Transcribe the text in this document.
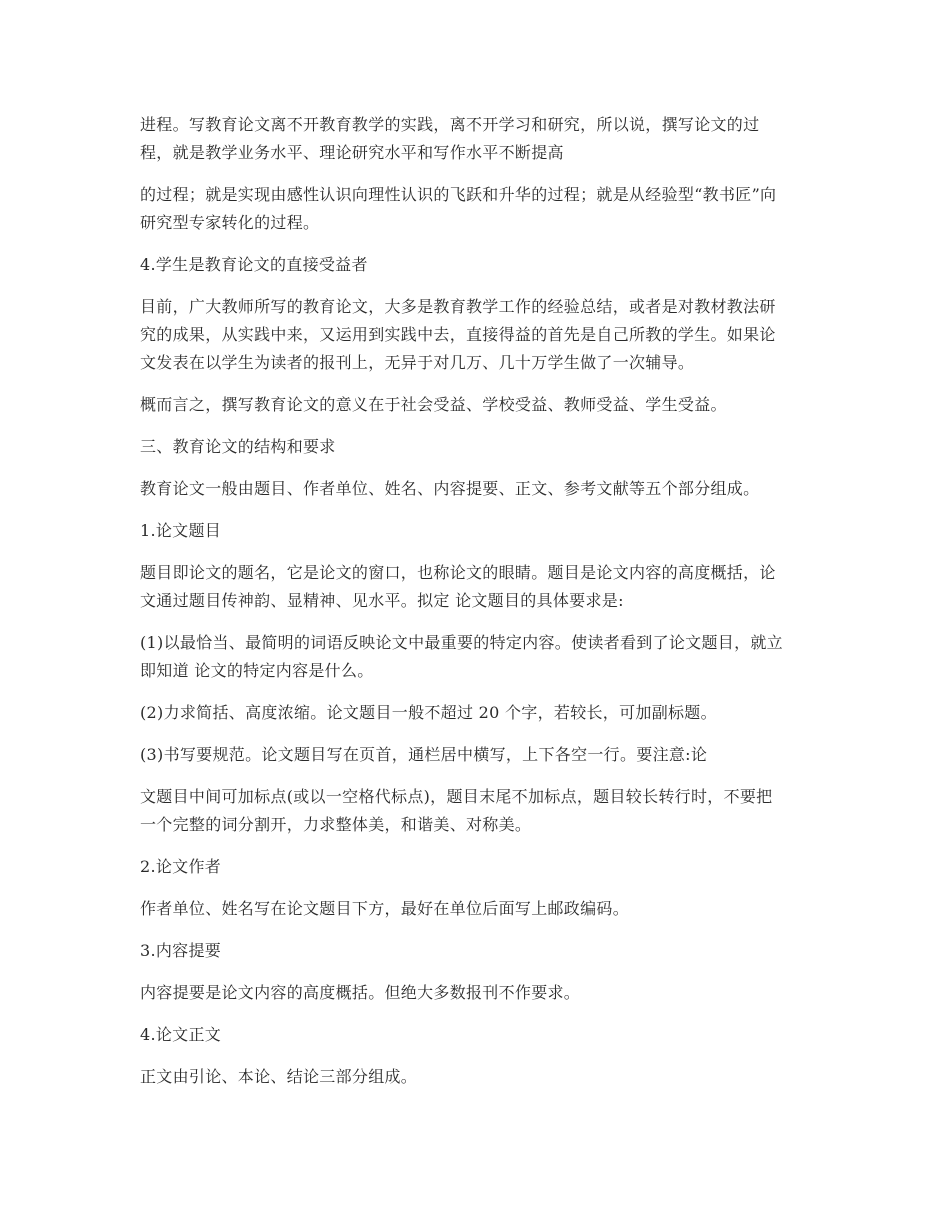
进程。写教育论文离不开教育教学的实践，离不开学习和研究，所以说，撰写论文的过
程，就是教学业务水平、理论研究水平和写作水平不断提高

的过程；就是实现由感性认识向理性认识的飞跃和升华的过程；就是从经验型“教书匠”向
研究型专家转化的过程。

4.学生是教育论文的直接受益者

目前，广大教师所写的教育论文，大多是教育教学工作的经验总结，或者是对教材教法研
究的成果，从实践中来，又运用到实践中去，直接得益的首先是自己所教的学生。如果论
文发表在以学生为读者的报刊上，无异于对几万、几十万学生做了一次辅导。

概而言之，撰写教育论文的意义在于社会受益、学校受益、教师受益、学生受益。

三、教育论文的结构和要求

教育论文一般由题目、作者单位、姓名、内容提要、正文、参考文献等五个部分组成。

1.论文题目

题目即论文的题名，它是论文的窗口，也称论文的眼睛。题目是论文内容的高度概括，论
文通过题目传神韵、显精神、见水平。拟定 论文题目的具体要求是:

(1)以最恰当、最简明的词语反映论文中最重要的特定内容。使读者看到了论文题目，就立
即知道 论文的特定内容是什么。

(2)力求简括、高度浓缩。论文题目一般不超过 20 个字，若较长，可加副标题。

(3)书写要规范。论文题目写在页首，通栏居中横写，上下各空一行。要注意:论

文题目中间可加标点(或以一空格代标点)，题目末尾不加标点，题目较长转行时，不要把
一个完整的词分割开，力求整体美，和谐美、对称美。

2.论文作者

作者单位、姓名写在论文题目下方，最好在单位后面写上邮政编码。

3.内容提要

内容提要是论文内容的高度概括。但绝大多数报刊不作要求。

4.论文正文

正文由引论、本论、结论三部分组成。
